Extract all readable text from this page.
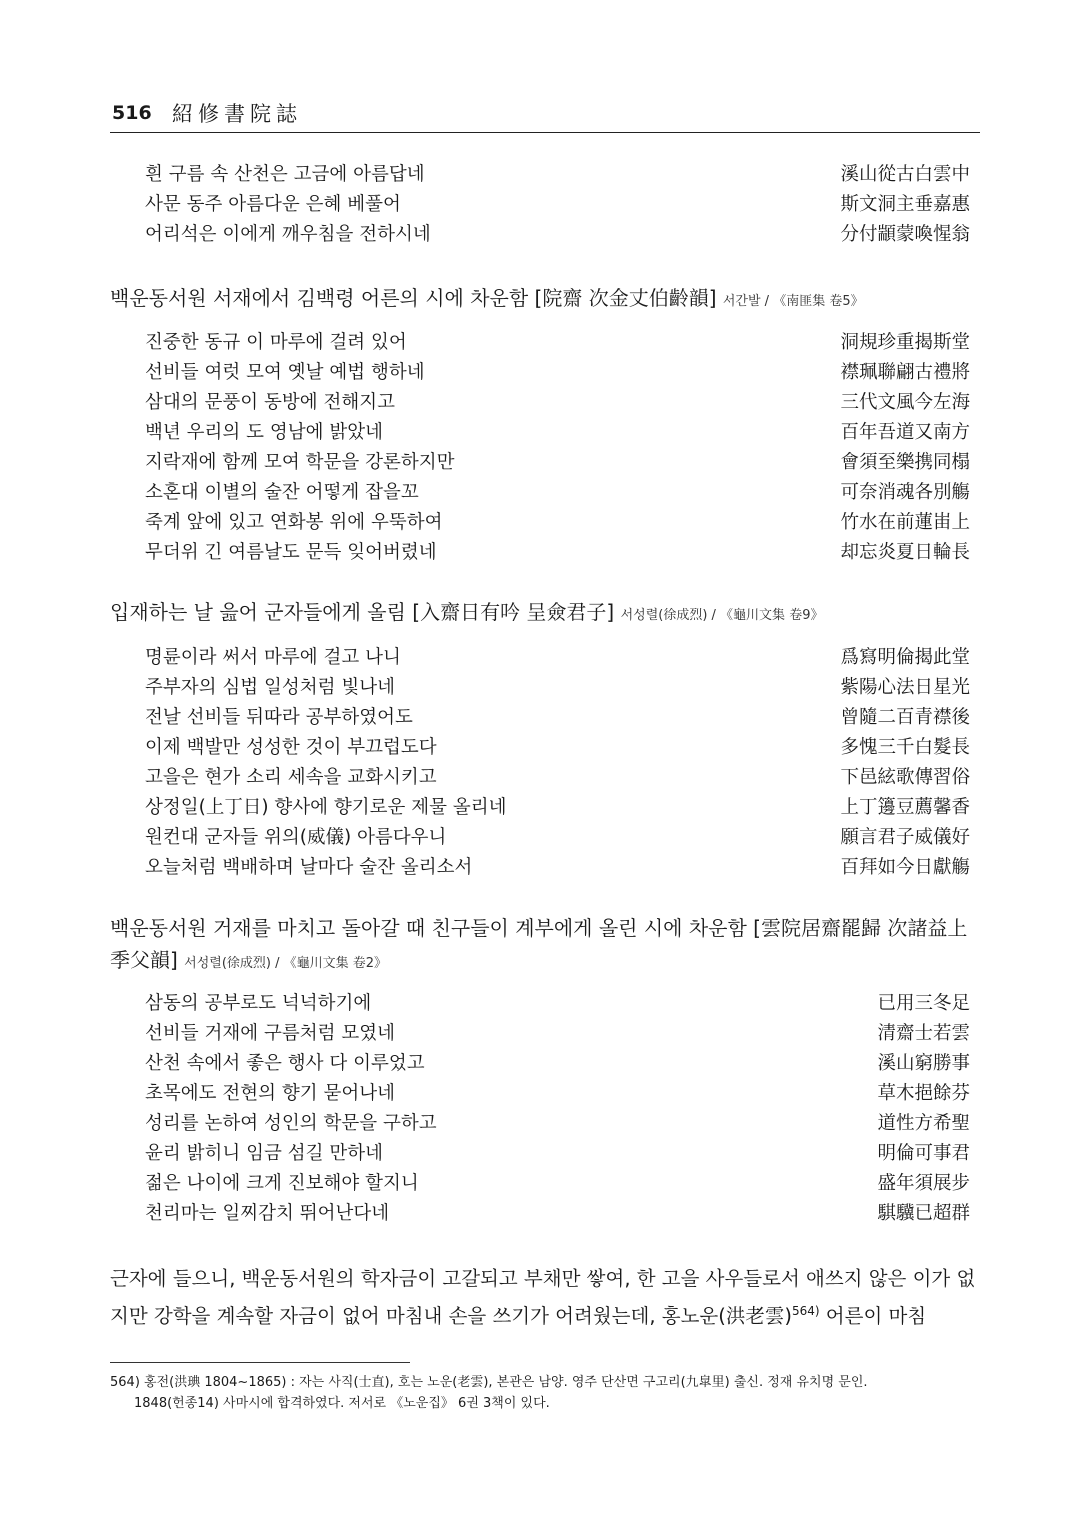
516 紹修書院誌
흰 구름 속 산천은 고금에 아름답네	溪山從古白雲中
사문 동주 아름다운 은혜 베풀어	斯文洞主垂嘉惠
어리석은 이에게 깨우침을 전하시네	分付顓蒙喚惺翁
백운동서원 서재에서 김백령 어른의 시에 차운함 [院齋 次金丈伯齡韻] 서간발 / 《南匪集 卷5》
진중한 동규 이 마루에 걸려 있어	洞規珍重揭斯堂
선비들 여럿 모여 옛날 예법 행하네	襟珮聯翩古禮將
삼대의 문풍이 동방에 전해지고	三代文風今左海
백년 우리의 도 영남에 밝았네	百年吾道又南方
지락재에 함께 모여 학문을 강론하지만	會須至樂携同榻
소혼대 이별의 술잔 어떻게 잡을꼬	可奈消魂各別觴
죽계 앞에 있고 연화봉 위에 우뚝하여	竹水在前蓮峀上
무더위 긴 여름날도 문득 잊어버렸네	却忘炎夏日輪長
입재하는 날 읊어 군자들에게 올림 [入齋日有吟 呈僉君子] 서성렬(徐成烈) / 《龜川文集 卷9》
명륜이라 써서 마루에 걸고 나니	爲寫明倫揭此堂
주부자의 심법 일성처럼 빛나네	紫陽心法日星光
전날 선비들 뒤따라 공부하였어도	曾隨二百青襟後
이제 백발만 성성한 것이 부끄럽도다	多愧三千白髮長
고을은 현가 소리 세속을 교화시키고	下邑絃歌傳習俗
상정일(上丁日) 향사에 향기로운 제물 올리네	上丁籩豆薦馨香
원컨대 군자들 위의(威儀) 아름다우니	願言君子威儀好
오늘처럼 백배하며 날마다 술잔 올리소서	百拜如今日獻觴
백운동서원 거재를 마치고 돌아갈 때 친구들이 계부에게 올린 시에 차운함 [雲院居齋罷歸 次諸益上季父韻] 서성렬(徐成烈) / 《龜川文集 卷2》
삼동의 공부로도 넉넉하기에	已用三冬足
선비들 거재에 구름처럼 모였네	清齋士若雲
산천 속에서 좋은 행사 다 이루었고	溪山窮勝事
초목에도 전현의 향기 묻어나네	草木挹餘芬
성리를 논하여 성인의 학문을 구하고	道性方希聖
윤리 밝히니 임금 섬길 만하네	明倫可事君
젊은 나이에 크게 진보해야 할지니	盛年須展步
천리마는 일찌감치 뛰어난다네	騏驥已超群
근자에 들으니, 백운동서원의 학자금이 고갈되고 부채만 쌓여, 한 고을 사우들로서 애쓰지 않은 이가 없지만 강학을 계속할 자금이 없어 마침내 손을 쓰기가 어려웠는데, 홍노운(洪老雲)$^{564)}$ 어른이 마침
564) 홍전(洪琠 1804~1865) : 자는 사직(士直), 호는 노운(老雲), 본관은 남양. 영주 단산면 구고리(九皐里) 출신. 정재 유치명 문인.
1848(헌종14) 사마시에 합격하였다. 저서로 《노운집》 6권 3책이 있다.
